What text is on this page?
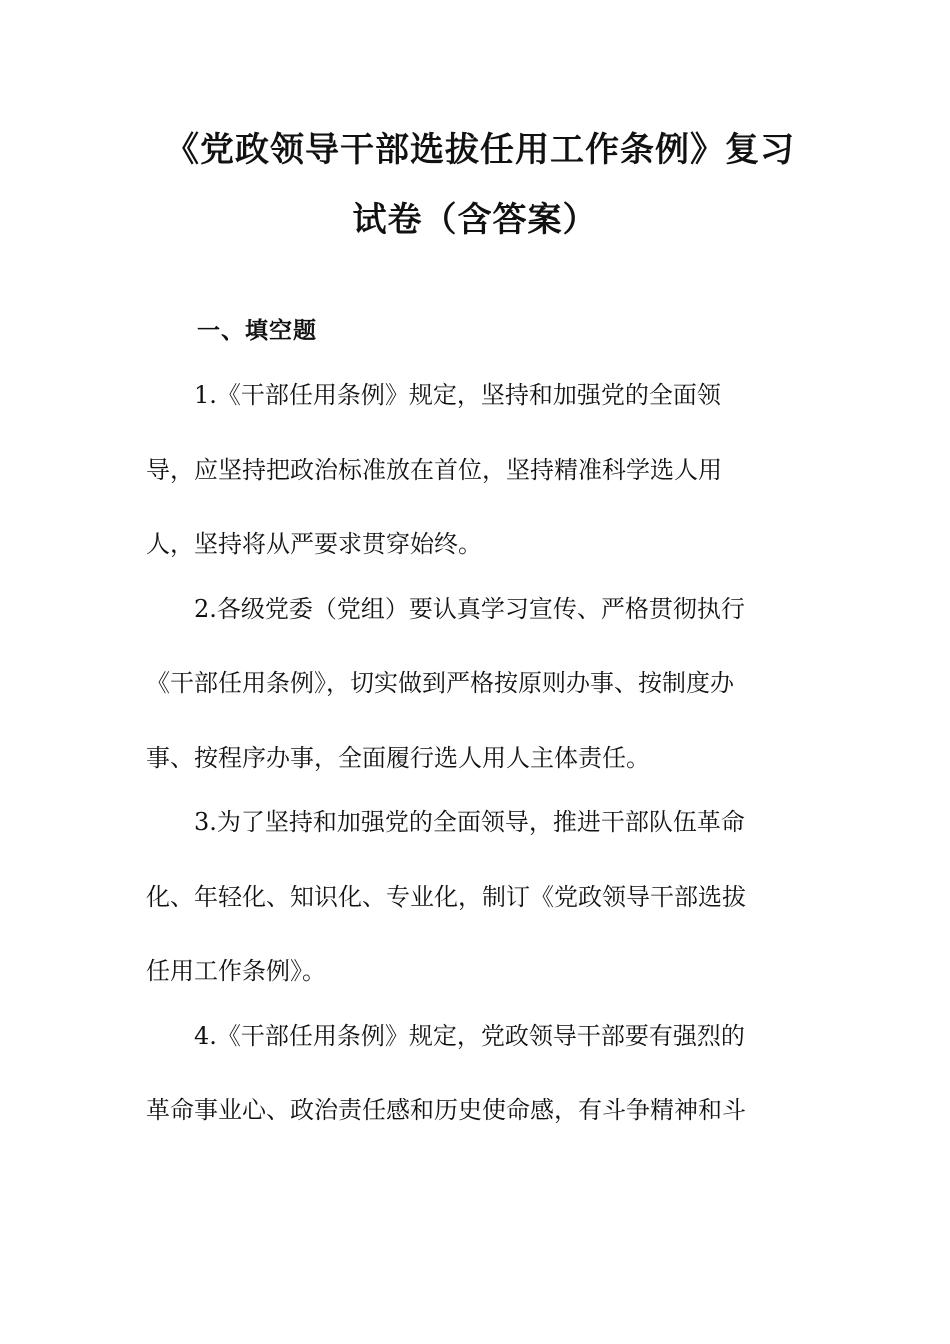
《党政领导干部选拔任用工作条例》复习
试卷（含答案）
一、填空题

1.《干部任用条例》规定，坚持和加强党的全面领

导，应坚持把政治标准放在首位，坚持精准科学选人用

人，坚持将从严要求贯穿始终。

2.各级党委（党组）要认真学习宣传、严格贯彻执行

《干部任用条例》，切实做到严格按原则办事、按制度办

事、按程序办事，全面履行选人用人主体责任。

3.为了坚持和加强党的全面领导，推进干部队伍革命

化、年轻化、知识化、专业化，制订《党政领导干部选拔

任用工作条例》。

4.《干部任用条例》规定，党政领导干部要有强烈的

革命事业心、政治责任感和历史使命感，有斗争精神和斗
